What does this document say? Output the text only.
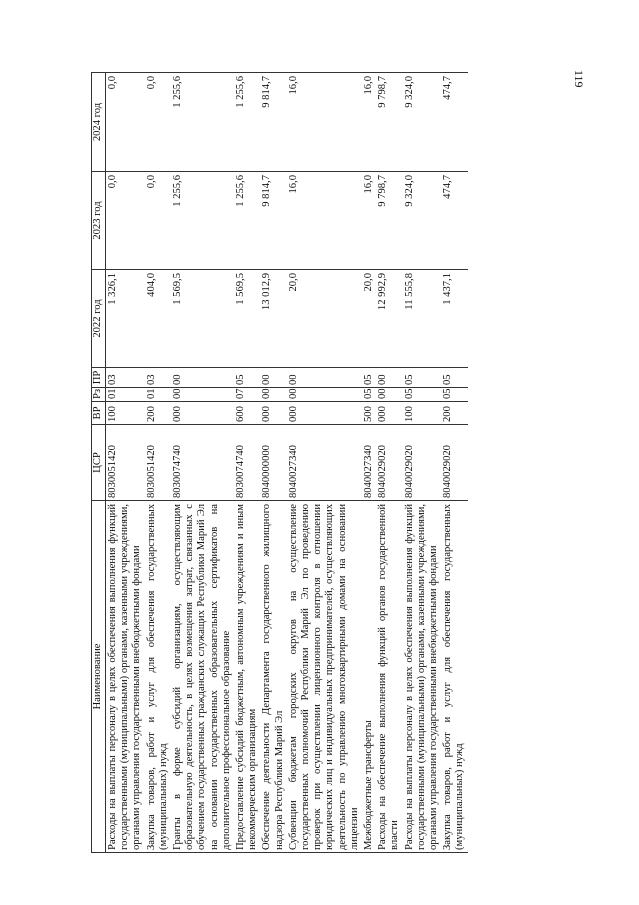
119
Наименование	ЦСР	ВР	Рз	ПР	2022 год	2023 год	2024 год
Расходы на выплаты персоналу в целях обеспечения выполнения функций государственными (муниципальными) органами, казенными учреждениями, органами управления государственными внебюджетными фондами	8030051420	100	01	03	1 326,1	0,0	0,0
Закупка товаров, работ и услуг для обеспечения государственных (муниципальных) нужд	8030051420	200	01	03	404,0	0,0	0,0
Гранты в форме субсидий организациям, осуществляющим образовательную деятельность, в целях возмещения затрат, связанных с обучением государственных гражданских служащих Республики Марий Эл на основании государственных образовательных сертификатов на дополнительное профессиональное образование	8030074740	000	00	00	1 569,5	1 255,6	1 255,6
Предоставление субсидий бюджетным, автономным учреждениям и иным некоммерческим организациям	8030074740	600	07	05	1 569,5	1 255,6	1 255,6
Обеспечение деятельности Департамента государственного жилищного надзора Республики Марий Эл	8040000000	000	00	00	13 012,9	9 814,7	9 814,7
Субвенции бюджетам городских округов на осуществление государственных полномочий Республики Марий Эл по проведению проверок при осуществлении лицензионного контроля в отношении юридических лиц и индивидуальных предпринимателей, осуществляющих деятельность по управлению многоквартирными домами на основании лицензии	8040027340	000	00	00	20,0	16,0	16,0
Межбюджетные трансферты	8040027340	500	05	05	20,0	16,0	16,0
Расходы на обеспечение выполнения функций органов государственной власти	8040029020	000	00	00	12 992,9	9 798,7	9 798,7
Расходы на выплаты персоналу в целях обеспечения выполнения функций государственными (муниципальными) органами, казенными учреждениями, органами управления государственными внебюджетными фондами	8040029020	100	05	05	11 555,8	9 324,0	9 324,0
Закупка товаров, работ и услуг для обеспечения государственных (муниципальных) нужд	8040029020	200	05	05	1 437,1	474,7	474,7
